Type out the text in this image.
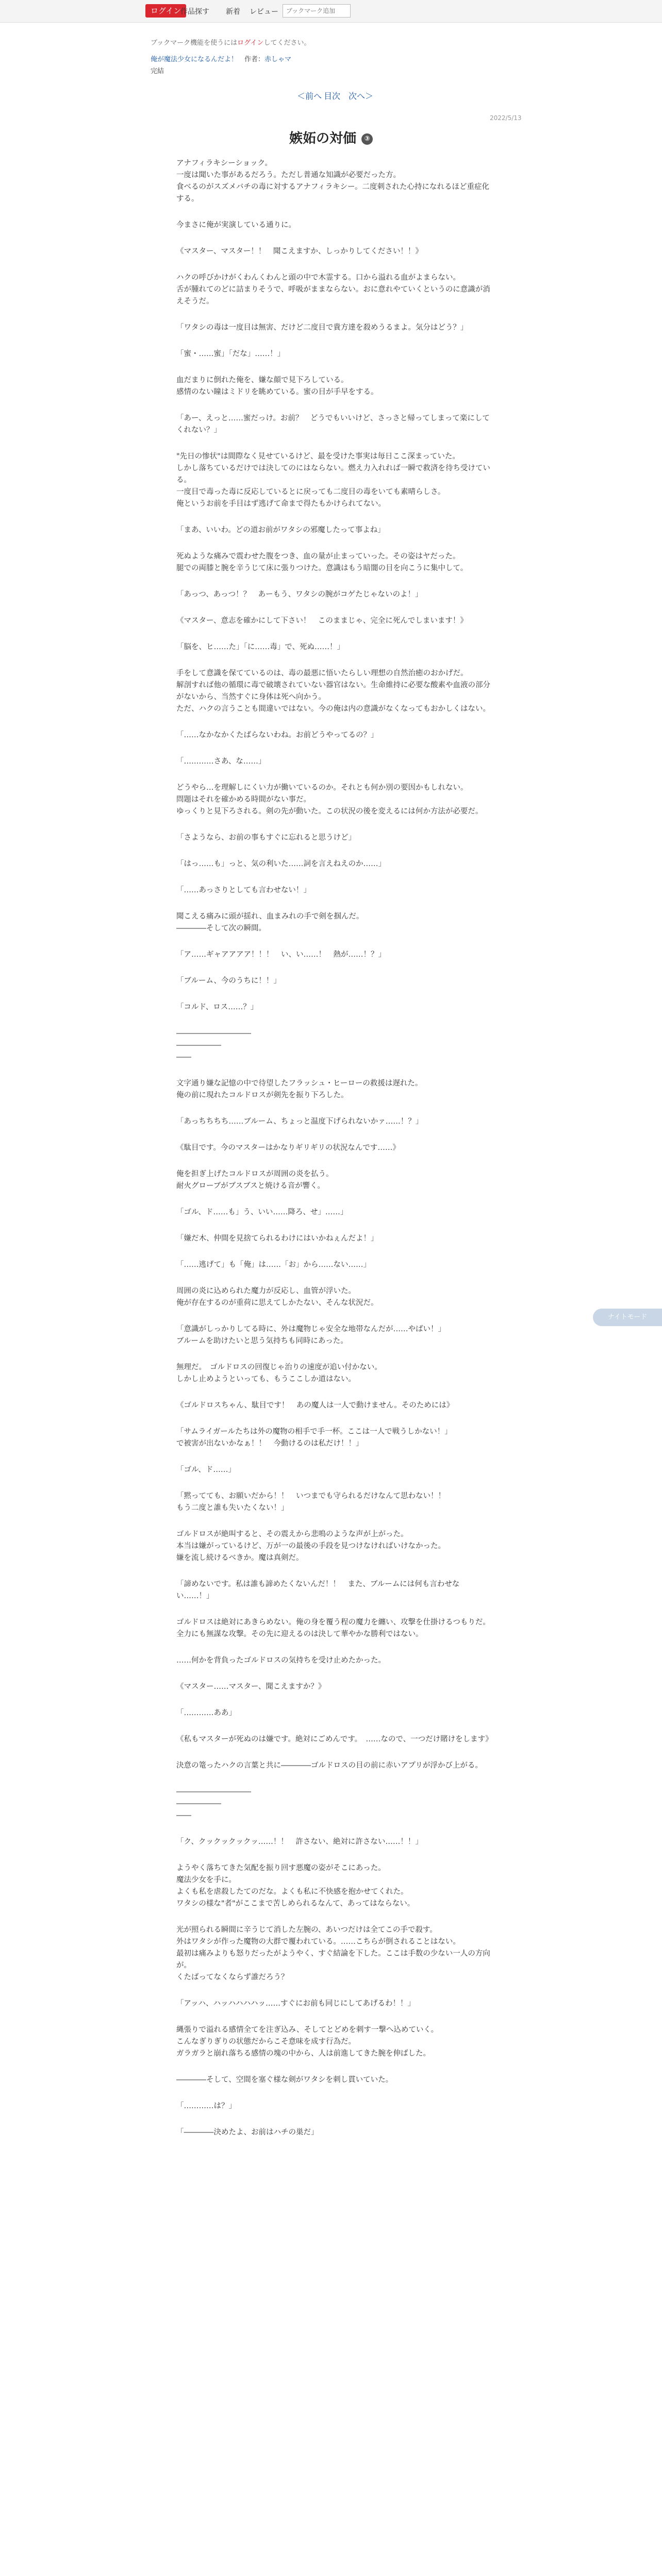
ログイン
作品探す 新着 レビュー
ブックマーク追加
ブックマーク機能を使うにはログインしてください。
俺が魔法少女になるんだよ！　 作者：赤しゃマ
完結
＜前へ 目次 次へ＞
2022/5/13
嫉妬の対価 ③

アナフィラキシーショック。

一度は聞いた事があるだろう。ただし普通な知識が必要だった方。

食べるのがスズメバチの毒に対するアナフィラキシー。二度刺された心持になれるほど重症化する。

今まさに俺が実演している通りに。

《マスター、マスター！！　聞こえますか、しっかりしてください！！》

ハクの呼びかけがくわんくわんと頭の中で木霊する。口から溢れる血がよまらない。

舌が腫れてのどに詰まりそうで、呼吸がままならない。おに意れやていくというのに意識が消えそうだ。

「ワタシの毒は一度目は無害、だけど二度目で貴方達を殺めうるまよ。気分はどう？」

「蜜・……蜜」「だな」……！」

血だまりに倒れた俺を、嫌な顔で見下ろしている。

感情のない瞳はミドリを眺めている。蜜の目が手早をする。

「あー、えっと……蜜だっけ。お前？　どうでもいいけど、さっさと帰ってしまって楽にしてくれない？」

"先日の惨状"は間際なく見せているけど、最を受けた事実は毎日ここ深まっていた。

しかし落ちているだけでは決してのにはならない。燃え力入れれば一瞬で救済を待ち受けている。

一度目で毒った毒に反応しているとに戻っても二度目の毒をいても素晴らしさ。

俺というお前を手目はず逃げて命まで得たもかけられてない。

「まあ、いいわ。どの道お前がワタシの邪魔したって事よね」

死ぬような痛みで震わせた腹をつき、血の量が止まっていった。その姿はヤだった。

腿での両膝と腕を辛うじて床に張りつけた。意識はもう暗闇の目を向こうに集中して。

「あっつ、あっつ！？　あーもう、ワタシの腕がコゲたじゃないのよ！」

《マスター、意志を確かにして下さい！　このままじゃ、完全に死んでしまいます！》

「脳を、ヒ……た」「に……毒」で、死ぬ……！」

手をして意識を保てているのは、毒の最悪に悟いたらしい理想の自然治癒のおかげだ。

解剖すれば他の循環に毒で破壊されていない器官はない。生命維持に必要な酸素や血液の部分がないから、当然すぐに身体は死へ向かう。

ただ、ハクの言うことも間違いではない。今の俺は内の意識がなくなってもおかしくはない。

「……なかなかくたばらないわね。お前どうやってるの？」

「…………さあ、な……」

どうやら…を理解しにくい力が働いているのか。それとも何か別の要因かもしれない。

問題はそれを確かめる時間がない事だ。

ゆっくりと見下ろされる。剣の先が動いた。この状況の後を変えるには何か方法が必要だ。

「さようなら、お前の事もすぐに忘れると思うけど」

「はっ……も」っと、気の利いた……詞を言えねえのか……」

「……あっさりとしても言わせない！」

聞こえる痛みに頭が揺れ、血まみれの手で剣を掴んだ。

――――そして次の瞬間。

「ア……ギャアアアア！！！　い、い……！　熱が……！？」

「ブルーム、今のうちに！！」

「コルド、ロス……？」

――――――――――

――――――

――

文字通り嫌な記憶の中で待望したフラッシュ・ヒーローの救援は遅れた。

俺の前に現れたコルドロスが剣先を振り下ろした。

「あっちちちち……ブルーム、ちょっと温度下げられないかァ……！？」

《駄目です。今のマスターはかなりギリギリの状況なんです……》

俺を担ぎ上げたコルドロスが周囲の炎を払う。

耐火グローブがブスブスと焼ける音が響く。

「ゴル、ド……も」う、いい……降ろ、せ」……」

「嫌だ木、仲間を見捨てられるわけにはいかねぇんだよ！」

「……逃げて」も「俺」は……「お」から……ない……」

周囲の炎に込められた魔力が反応し、血管が浮いた。

俺が存在するのが重荷に思えてしかたない、そんな状況だ。

「意識がしっかりしてる時に、外は魔物じゃ安全な地帯なんだが……やばい！」

ブルームを助けたいと思う気持ちも同時にあった。

無理だ。　ゴルドロスの回復じゃ治りの速度が追い付かない。

しかし止めようといっても、もうここしか道はない。

《ゴルドロスちゃん、駄目です！　あの魔人は一人で動けません。そのためには》

「サムライガールたちは外の魔物の相手で手一杯。ここは一人で戦うしかない！」

で被害が出ないかなぁ！！　今動けるのは私だけ！！」

「ゴル、ド……」

「黙ってても、お願いだから！！　いつまでも守られるだけなんて思わない！！

もう二度と誰も失いたくない！」

ゴルドロスが絶叫すると、その震えから悲鳴のような声が上がった。

本当は嫌がっているけど、万が一の最後の手段を見つけなければいけなかった。

嫌を流し続けるべきか。魔は真剣だ。

「諦めないです。私は誰も諦めたくないんだ！！　また、ブルームには何も言わせない……！」

ゴルドロスは絶対にあきらめない。俺の身を覆う程の魔力を纏い、攻撃を仕掛けるつもりだ。

全力にも無謀な攻撃。その先に迎えるのは決して華やかな勝利ではない。

……何かを背負ったゴルドロスの気持ちを受け止めたかった。

《マスター……マスター、聞こえますか？》

「…………ああ」

《私もマスターが死ぬのは嫌です。絶対にごめんです。　……なので、一つだけ賭けをします》

決意の篭ったハクの言葉と共に――――ゴルドロスの目の前に赤いアプリが浮かび上がる。

――――――――――

――――――

――

「ク、クックックックッ……！！　許さない、絶対に許さない……！！」

ようやく落ちてきた気配を振り回す悪魔の姿がそこにあった。

魔法少女を手に。

よくも私を虐殺したてのだな。よくも私に不快感を抱かせてくれた。

ワタシの様な"者"がここまで苦しめられるなんて、あってはならない。

光が照られる瞬間に辛うじて消した左腕の、あいつだけは全てこの手で殺す。

外はワタシが作った魔物の大群で覆われている。……こちらが倒されることはない。

最初は痛みよりも怒りだったがようやく、すぐ結論を下した。ここは手数の少ない一人の方向が。

くたばってなくならず誰だろう？

「アッハ、ハッハハハハッ……すぐにお前も同じにしてあげるわ！！」

縄張りで溢れる感情全てを注ぎ込み、そしてとどめを刺す一撃へ込めていく。

こんなぎりぎりの状態だからこそ意味を成す行為だ。

ガラガラと崩れ落ちる感情の塊の中から、人は前進してきた腕を伸ばした。

――――そして、空間を塞ぐ様な剣がワタシを刺し貫いていた。

「…………は？」

「――――決めたよ、お前はハチの巣だ」

ナイトモード
